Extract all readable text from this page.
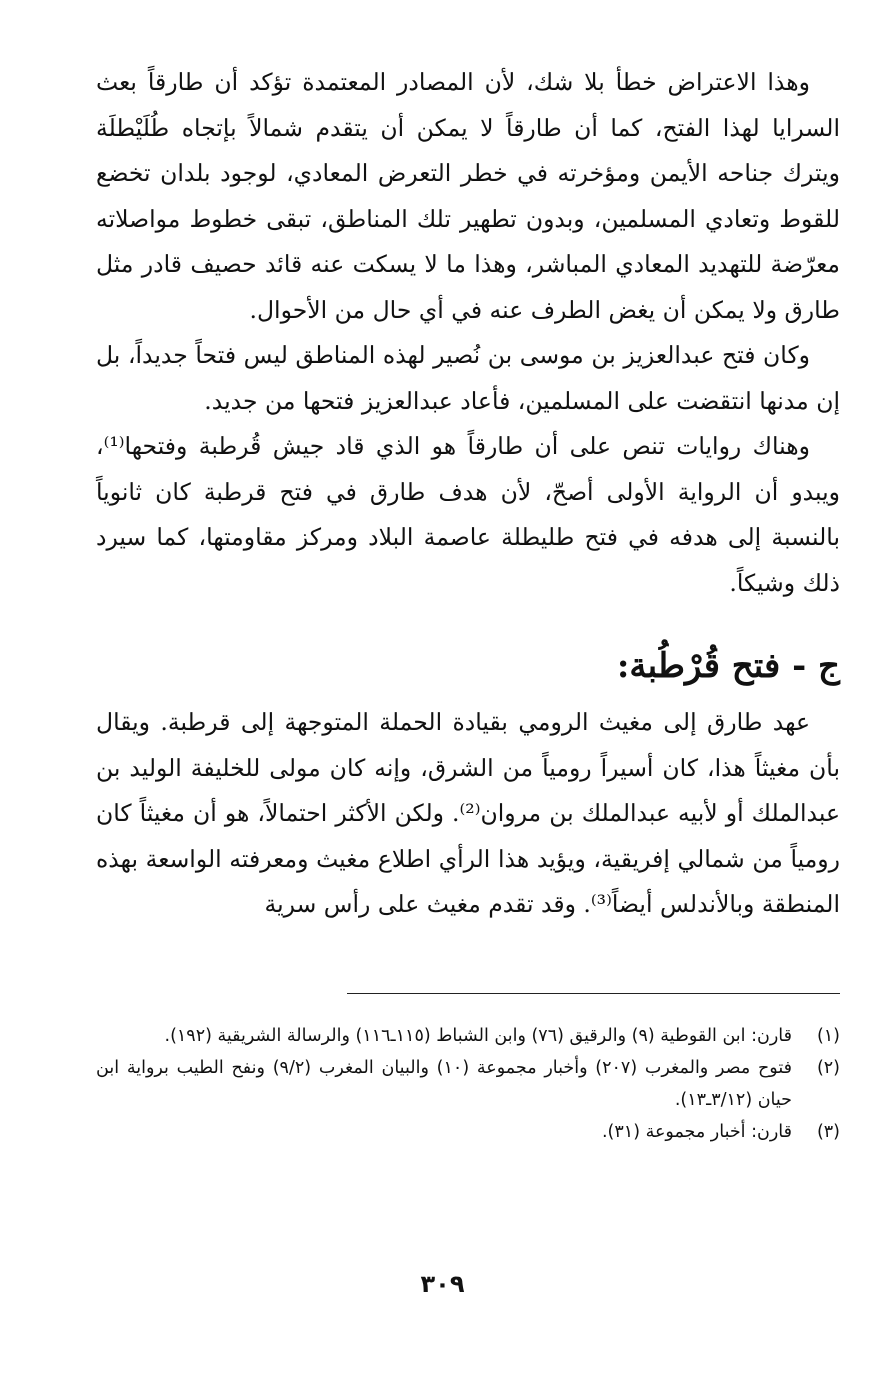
وهذا الاعتراض خطأ بلا شك، لأن المصادر المعتمدة تؤكد أن طارقاً بعث السرايا لهذا الفتح، كما أن طارقاً لا يمكن أن يتقدم شمالاً بإتجاه طُلَيْطلَة ويترك جناحه الأيمن ومؤخرته في خطر التعرض المعادي، لوجود بلدان تخضع للقوط وتعادي المسلمين، وبدون تطهير تلك المناطق، تبقى خطوط مواصلاته معرّضة للتهديد المعادي المباشر، وهذا ما لا يسكت عنه قائد حصيف قادر مثل طارق ولا يمكن أن يغض الطرف عنه في أي حال من الأحوال.

وكان فتح عبدالعزيز بن موسى بن نُصير لهذه المناطق ليس فتحاً جديداً، بل إن مدنها انتقضت على المسلمين، فأعاد عبدالعزيز فتحها من جديد.

وهناك روايات تنص على أن طارقاً هو الذي قاد جيش قُرطبة وفتحها⁽¹⁾، ويبدو أن الرواية الأولى أصحّ، لأن هدف طارق في فتح قرطبة كان ثانوياً بالنسبة إلى هدفه في فتح طليطلة عاصمة البلاد ومركز مقاومتها، كما سيرد ذلك وشيكاً.

ج - فتح قُرْطُبة:

عهد طارق إلى مغيث الرومي بقيادة الحملة المتوجهة إلى قرطبة. ويقال بأن مغيثاً هذا، كان أسيراً رومياً من الشرق، وإنه كان مولى للخليفة الوليد بن عبدالملك أو لأبيه عبدالملك بن مروان⁽²⁾. ولكن الأكثر احتمالاً، هو أن مغيثاً كان رومياً من شمالي إفريقية، ويؤيد هذا الرأي اطلاع مغيث ومعرفته الواسعة بهذه المنطقة وبالأندلس أيضاً⁽³⁾. وقد تقدم مغيث على رأس سرية

(١)
قارن: ابن القوطية (٩) والرقيق (٧٦) وابن الشباط (١١٥ـ١١٦) والرسالة الشريقية (١٩٢).
(٢)
فتوح مصر والمغرب (٢٠٧) وأخبار مجموعة (١٠) والبيان المغرب (٩/٢) ونفح الطيب برواية ابن حيان (٣/١٢ـ١٣).
(٣)
قارن: أخبار مجموعة (٣١).
٣٠٩
